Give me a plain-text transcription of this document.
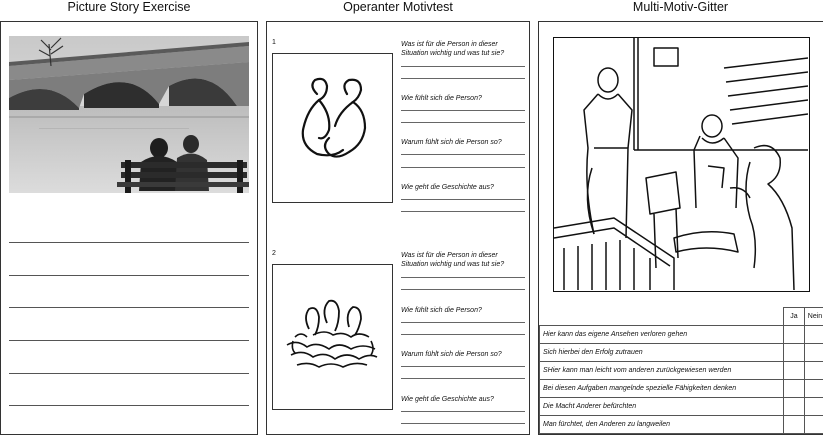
Picture Story Exercise	Operanter Motivtest	Multi-Motiv-Gitter
1	Was ist für die Person in dieser Situation wichtig und was tut sie?
Wie fühlt sich die Person?
Warum fühlt sich die Person so?
Wie geht die Geschichte aus?
2	Was ist für die Person in dieser Situation wichtig und was tut sie?
Wie fühlt sich die Person?
Warum fühlt sich die Person so?
Wie geht die Geschichte aus?
	Ja	Nein
Hier kann das eigene Ansehen verloren gehen		
Sich hierbei den Erfolg zutrauen		
SHier kann man leicht vom anderen zurückgewiesen werden		
Bei diesen Aufgaben mangelnde spezielle Fähigkeiten denken		
Die Macht Anderer befürchten		
Man fürchtet, den Anderen zu langweilen		
